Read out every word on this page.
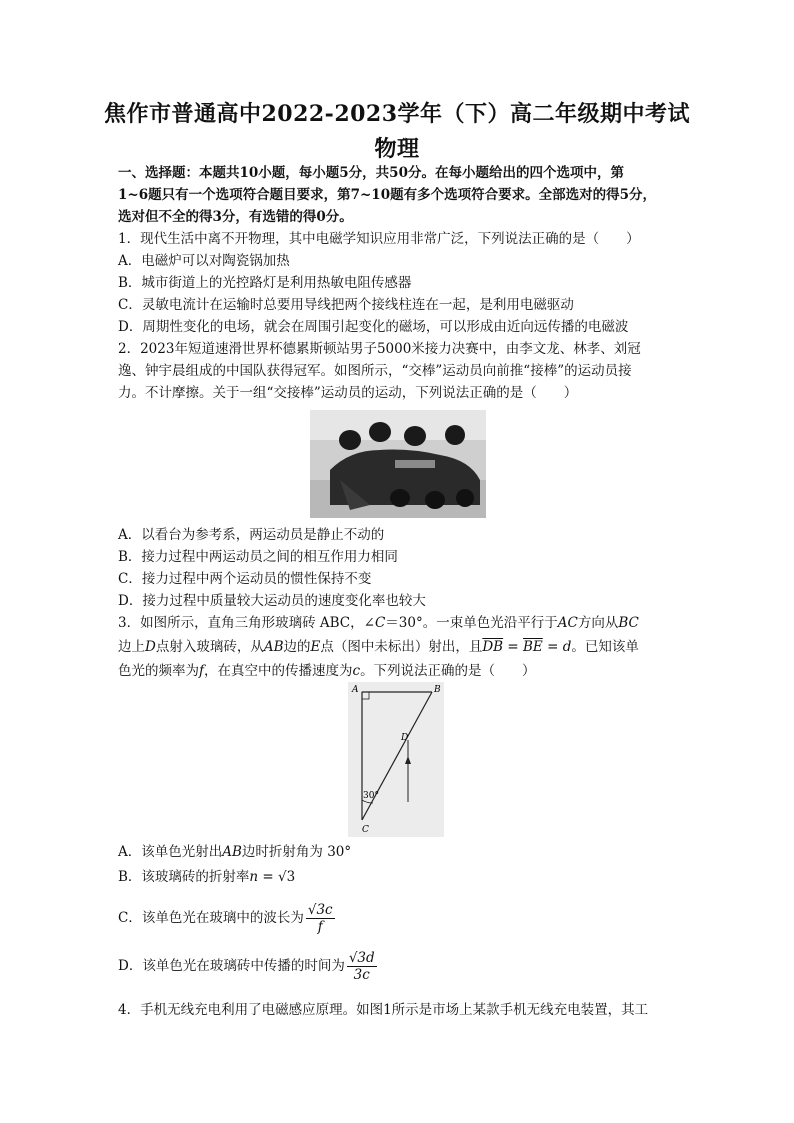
焦作市普通高中2022-2023学年（下）高二年级期中考试
物理
一、选择题：本题共10小题，每小题5分，共50分。在每小题给出的四个选项中，第
1~6题只有一个选项符合题目要求，第7~10题有多个选项符合要求。全部选对的得5分，
选对但不全的得3分，有选错的得0分。
1．现代生活中离不开物理，其中电磁学知识应用非常广泛，下列说法正确的是（　　）
A．电磁炉可以对陶瓷锅加热
B．城市街道上的光控路灯是利用热敏电阻传感器
C．灵敏电流计在运输时总要用导线把两个接线柱连在一起，是利用电磁驱动
D．周期性变化的电场，就会在周围引起变化的磁场，可以形成由近向远传播的电磁波
2．2023年短道速滑世界杯德累斯顿站男子5000米接力决赛中，由李文龙、林孝、刘冠
逸、钟宇晨组成的中国队获得冠军。如图所示，“交棒”运动员向前推“接棒”的运动员接
力。不计摩擦。关于一组“交接棒”运动员的运动，下列说法正确的是（　　）
A．以看台为参考系，两运动员是静止不动的
B．接力过程中两运动员之间的相互作用力相同
C．接力过程中两个运动员的惯性保持不变
D．接力过程中质量较大运动员的速度变化率也较大
3．如图所示，直角三角形玻璃砖 ABC，∠C＝30°。一束单色光沿平行于AC方向从BC
边上D点射入玻璃砖，从AB边的E点（图中未标出）射出，且$\overline{DB} = \overline{BE} = d$。已知该单
色光的频率为f，在真空中的传播速度为c。下列说法正确的是（　　）
A	B
C
D
30°
A．该单色光射出AB边时折射角为 30°
B．该玻璃砖的折射率n = √3
C．该单色光在玻璃中的波长为 $\frac{√3c}{f}$
D．该单色光在玻璃砖中传播的时间为 $\frac{√3d}{3c}$
4．手机无线充电利用了电磁感应原理。如图1所示是市场上某款手机无线充电装置，其工
